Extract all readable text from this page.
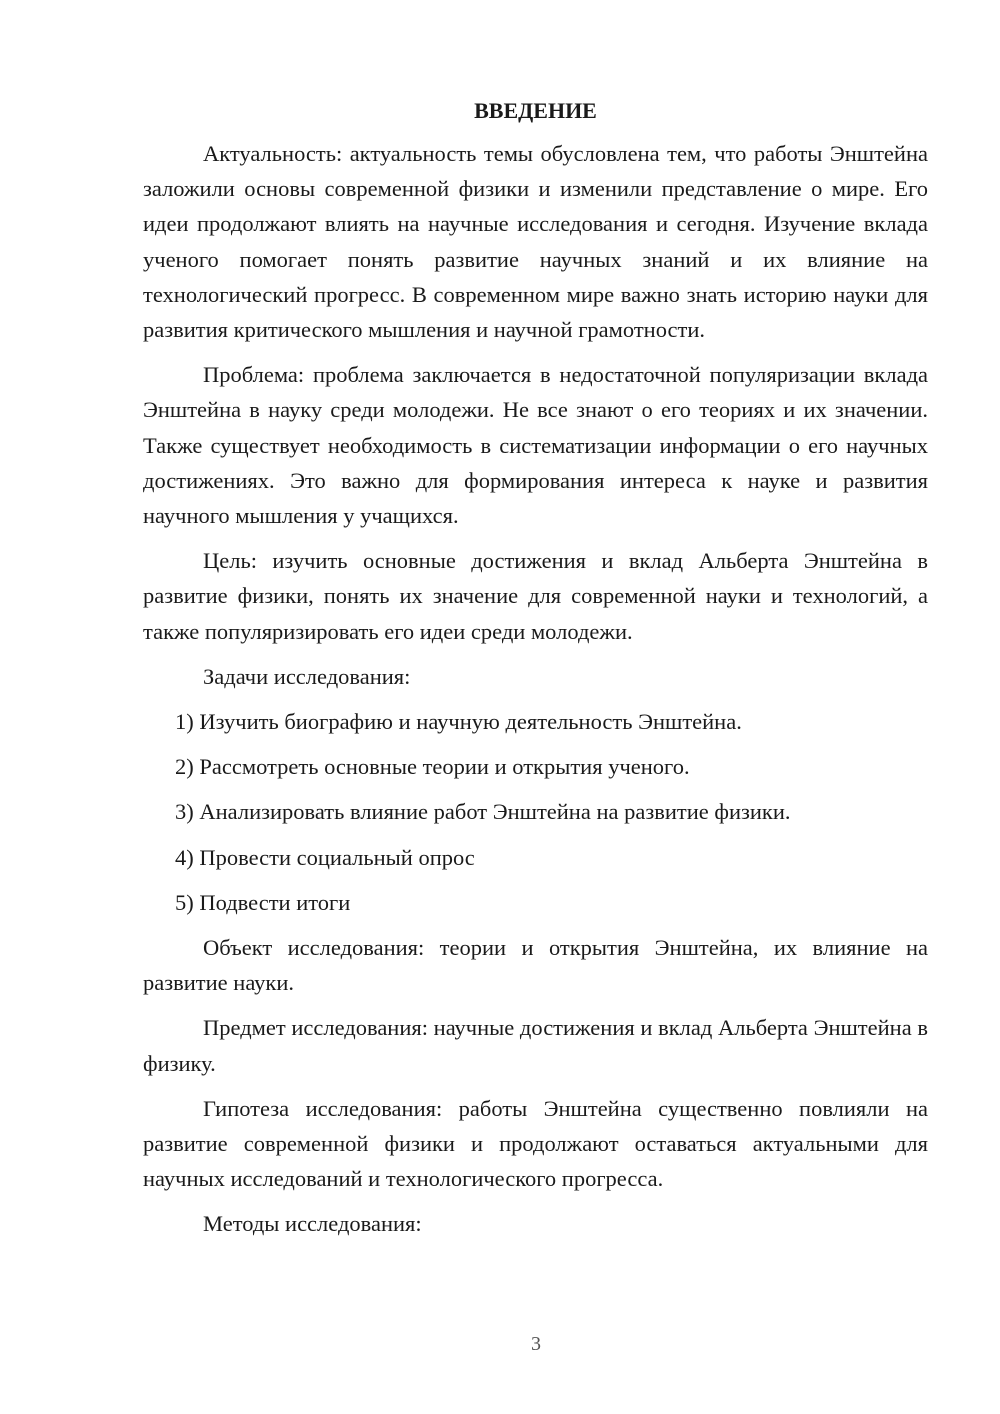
ВВЕДЕНИЕ

Актуальность: актуальность темы обусловлена тем, что работы Энштейна заложили основы современной физики и изменили представление о мире. Его идеи продолжают влиять на научные исследования и сегодня. Изучение вклада ученого помогает понять развитие научных знаний и их влияние на технологический прогресс. В современном мире важно знать историю науки для развития критического мышления и научной грамотности.

Проблема: проблема заключается в недостаточной популяризации вклада Энштейна в науку среди молодежи. Не все знают о его теориях и их значении. Также существует необходимость в систематизации информации о его научных достижениях. Это важно для формирования интереса к науке и развития научного мышления у учащихся.

Цель: изучить основные достижения и вклад Альберта Энштейна в развитие физики, понять их значение для современной науки и технологий, а также популяризировать его идеи среди молодежи.

Задачи исследования:

1) Изучить биографию и научную деятельность Энштейна.

2) Рассмотреть основные теории и открытия ученого.

3) Анализировать влияние работ Энштейна на развитие физики.

4) Провести социальный опрос

5) Подвести итоги

Объект исследования: теории и открытия Энштейна, их влияние на развитие науки.

Предмет исследования: научные достижения и вклад Альберта Энштейна в физику.

Гипотеза исследования: работы Энштейна существенно повлияли на развитие современной физики и продолжают оставаться актуальными для научных исследований и технологического прогресса.

Методы исследования:

3
